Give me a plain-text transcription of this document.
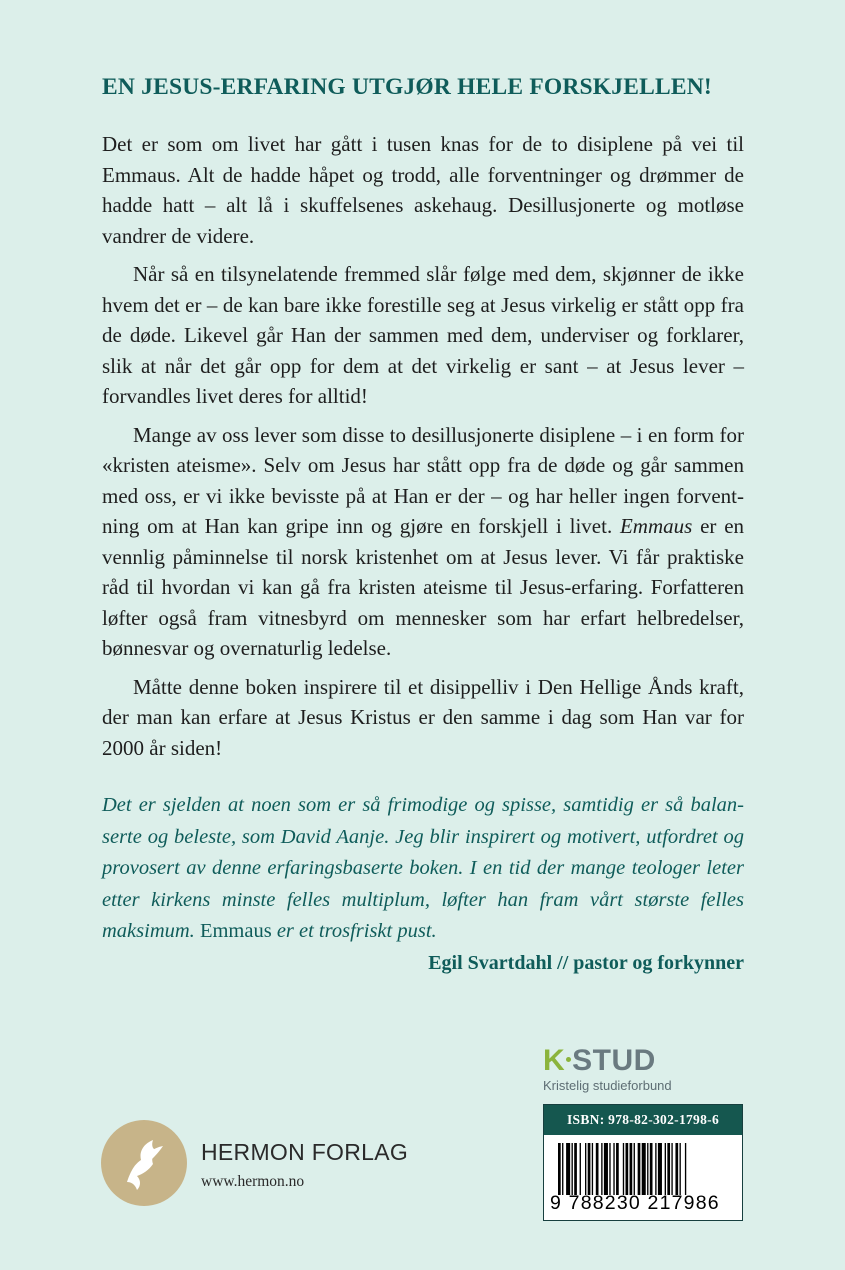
EN JESUS-ERFARING UTGJØR HELE FORSKJELLEN!

Det er som om livet har gått i tusen knas for de to disiplene på vei til Emmaus. Alt de hadde håpet og trodd, alle forventninger og drømmer de hadde hatt – alt lå i skuffelsenes askehaug. Desillusjonerte og motløse vandrer de videre.

Når så en tilsynelatende fremmed slår følge med dem, skjønner de ikke hvem det er – de kan bare ikke forestille seg at Jesus virkelig er stått opp fra de døde. Likevel går Han der sammen med dem, underviser og forklarer, slik at når det går opp for dem at det virkelig er sant – at Jesus lever – forvandles livet deres for alltid!

Mange av oss lever som disse to desillusjonerte disiplene – i en form for «kristen ateisme». Selv om Jesus har stått opp fra de døde og går sammen med oss, er vi ikke bevisste på at Han er der – og har heller ingen forventning om at Han kan gripe inn og gjøre en forskjell i livet. Emmaus er en vennlig påminnelse til norsk kristenhet om at Jesus lever. Vi får praktiske råd til hvordan vi kan gå fra kristen ateisme til Jesus-erfaring. Forfatteren løfter også fram vitnesbyrd om mennesker som har erfart helbredelser, bønnesvar og overnaturlig ledelse.

Måtte denne boken inspirere til et disippelliv i Den Hellige Ånds kraft, der man kan erfare at Jesus Kristus er den samme i dag som Han var for 2000 år siden!

Det er sjelden at noen som er så frimodige og spisse, samtidig er så balanserte og beleste, som David Aanje. Jeg blir inspirert og motivert, utfordret og provosert av denne erfaringsbaserte boken. I en tid der mange teologer leter etter kirkens minste felles multiplum, løfter han fram vårt største felles maksimum. Emmaus er et trosfriskt pust.

Egil Svartdahl // pastor og forkynner

K STUD
Kristelig studieforbund
ISBN: 978-82-302-1798-6
9 788230 217986
HERMON FORLAG
www.hermon.no
